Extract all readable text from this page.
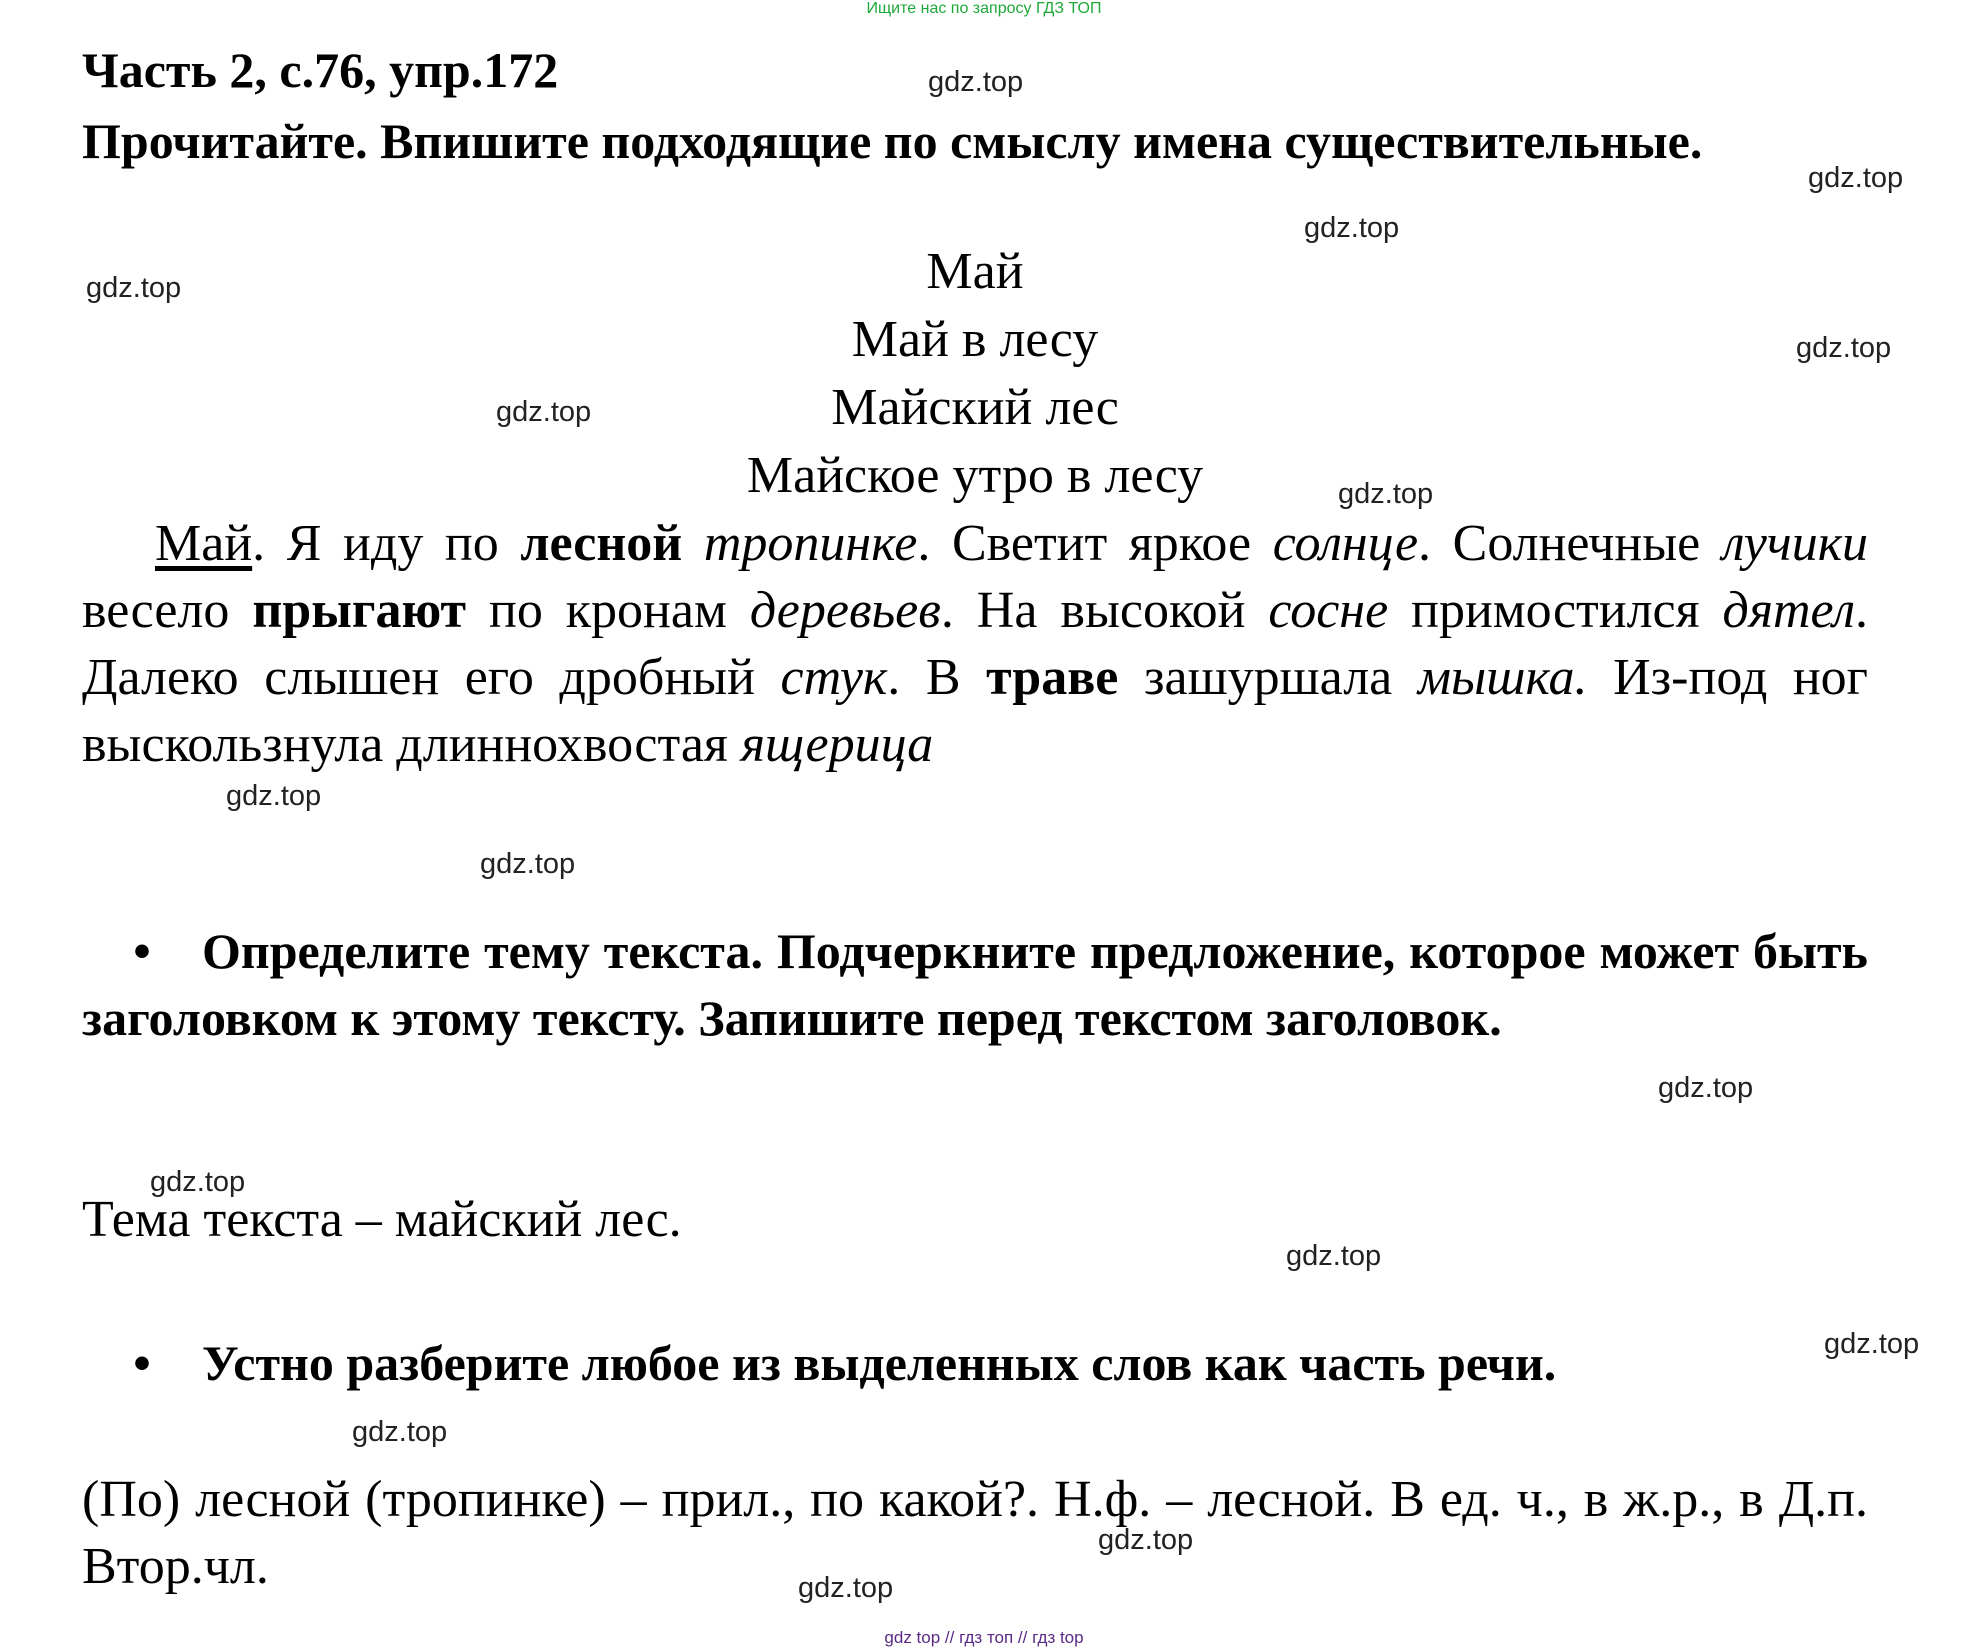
Ищите нас по запросу ГДЗ ТОП
Часть 2, с.76, упр.172
Прочитайте. Впишите подходящие по смыслу имена существительные.
Май
Май в лесу
Майский лес
Майское утро в лесу
Май. Я иду по лесной тропинке. Светит яркое солнце. Солнечные лучики весело прыгают по кронам деревьев. На высокой сосне примостился дятел. Далеко слышен его дробный стук. В траве зашуршала мышка. Из-под ног выскользнула длиннохвостая ящерица
• Определите тему текста. Подчеркните предложение, которое может быть заголовком к этому тексту. Запишите перед текстом заголовок.
Тема текста – майский лес.
• Устно разберите любое из выделенных слов как часть речи.
(По) лесной (тропинке) – прил., по какой?. Н.ф. – лесной. В ед. ч., в ж.р., в Д.п. Втор.чл.
gdz.top
gdz.top
gdz.top
gdz.top
gdz.top
gdz.top
gdz.top
gdz.top
gdz.top
gdz.top
gdz.top
gdz.top
gdz.top
gdz.top
gdz.top
gdz.top
gdz top // гдз топ // гдз top
